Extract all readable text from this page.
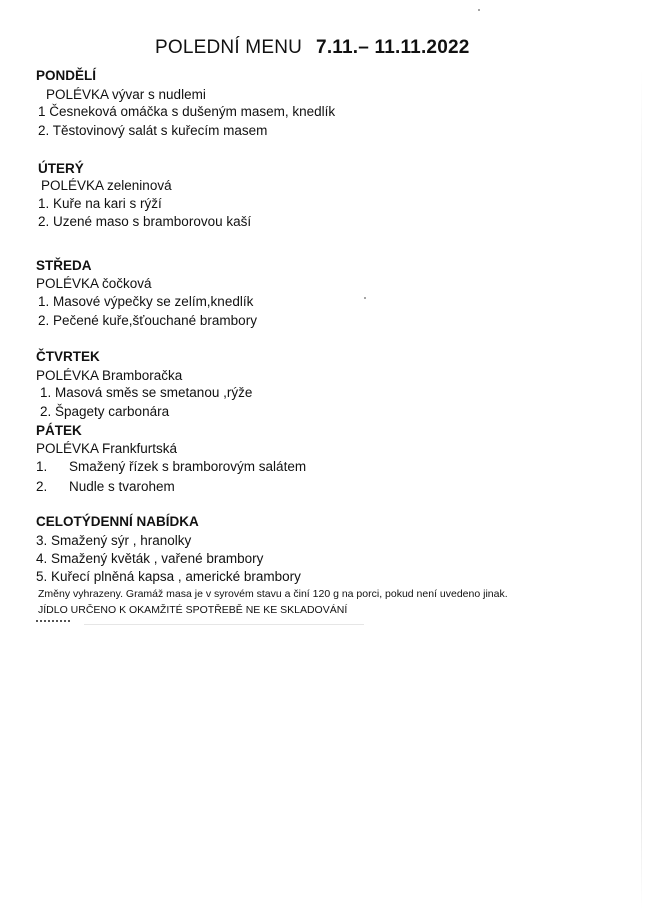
POLEDNÍ MENU 7.11.– 11.11.2022
PONDĚLÍ
POLÉVKA vývar s nudlemi
1 Česneková omáčka s dušeným masem, knedlík
2. Těstovinový salát s kuřecím masem
ÚTERÝ
POLÉVKA zeleninová
1. Kuře na kari s rýží
2. Uzené maso s bramborovou kaší
STŘEDA
POLÉVKA čočková
1. Masové výpečky se zelím,knedlík
2. Pečené kuře,šťouchané brambory
ČTVRTEK
POLÉVKA Bramboračka
1. Masová směs se smetanou ,rýže
2. Špagety carbonára
PÁTEK
POLÉVKA Frankfurtská
1. Smažený řízek s bramborovým salátem
2. Nudle s tvarohem
CELOTÝDENNÍ NABÍDKA
3. Smažený sýr , hranolky
4. Smažený květák , vařené brambory
5. Kuřecí plněná kapsa , americké brambory
Změny vyhrazeny. Gramáž masa je v syrovém stavu a činí 120 g na porci, pokud není uvedeno jinak.
JÍDLO URČENO K OKAMŽITÉ SPOTŘEBĚ NE KE SKLADOVÁNÍ
